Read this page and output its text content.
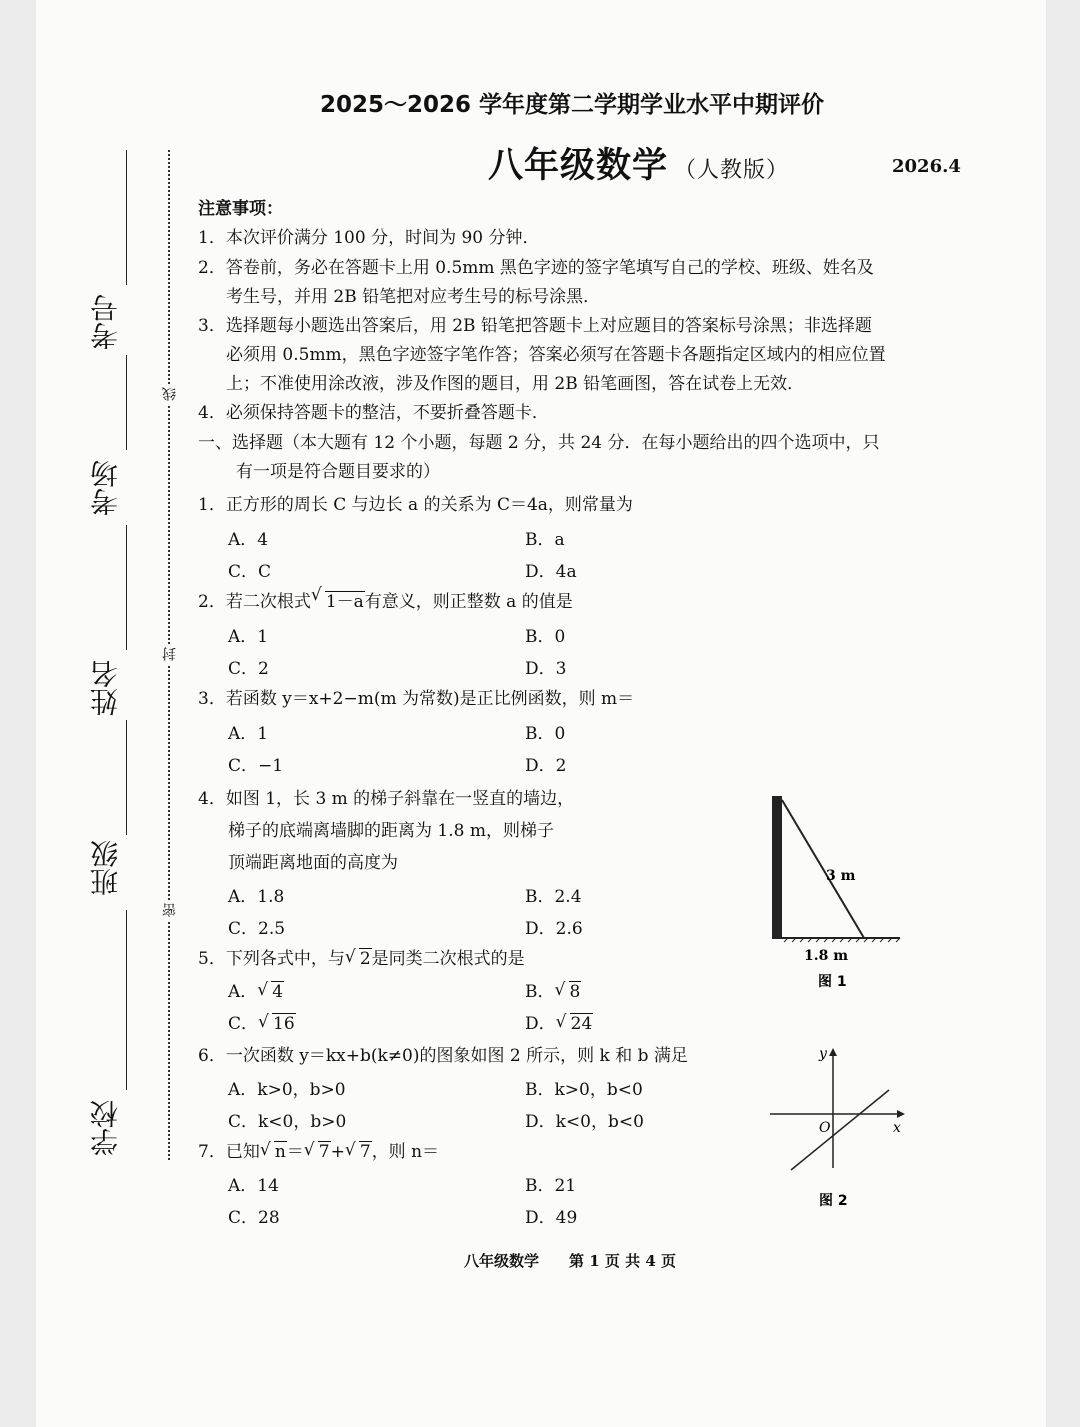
2025～2026 学年度第二学期学业水平中期评价
八年级数学 （人教版）	2026.4
学校
班级
姓名
考场
考号
线
封
密
注意事项：
1．本次评价满分 100 分，时间为 90 分钟．
2．答卷前，务必在答题卡上用 0.5mm 黑色字迹的签字笔填写自己的学校、班级、姓名及
考生号，并用 2B 铅笔把对应考生号的标号涂黑．
3．选择题每小题选出答案后，用 2B 铅笔把答题卡上对应题目的答案标号涂黑；非选择题
必须用 0.5mm，黑色字迹签字笔作答；答案必须写在答题卡各题指定区域内的相应位置
上；不准使用涂改液，涉及作图的题目，用 2B 铅笔画图，答在试卷上无效．
4．必须保持答题卡的整洁，不要折叠答题卡．
一、选择题（本大题有 12 个小题，每题 2 分，共 24 分．在每小题给出的四个选项中，只
有一项是符合题目要求的）
1．正方形的周长 C 与边长 a 的关系为 C＝4a，则常量为
A．4	B．a
C．C	D．4a
2．若二次根式 √ 1－a有意义，则正整数 a 的值是
A．1	B．0
C．2	D．3
3．若函数 y＝x+2−m(m 为常数)是正比例函数，则 m＝
A．1	B．0
C．−1	D．2
4．如图 1，长 3 m 的梯子斜靠在一竖直的墙边，
梯子的底端离墙脚的距离为 1.8 m，则梯子
顶端距离地面的高度为
A．1.8	B．2.4
C．2.5	D．2.6
5．下列各式中，与 √ 2是同类二次根式的是
A． √ 4	B． √ 8
C． √ 16	D． √ 24
6．一次函数 y＝kx+b(k≠0)的图象如图 2 所示，则 k 和 b 满足
A．k>0，b>0	B．k>0，b<0
C．k<0，b>0	D．k<0，b<0
7．已知 √ n＝ √ 7+ √ 7，则 n＝
A．14	B．21
C．28	D．49
3 m
1.8 m
图 1
x
y
O
图 2
八年级数学　　第 1 页 共 4 页
